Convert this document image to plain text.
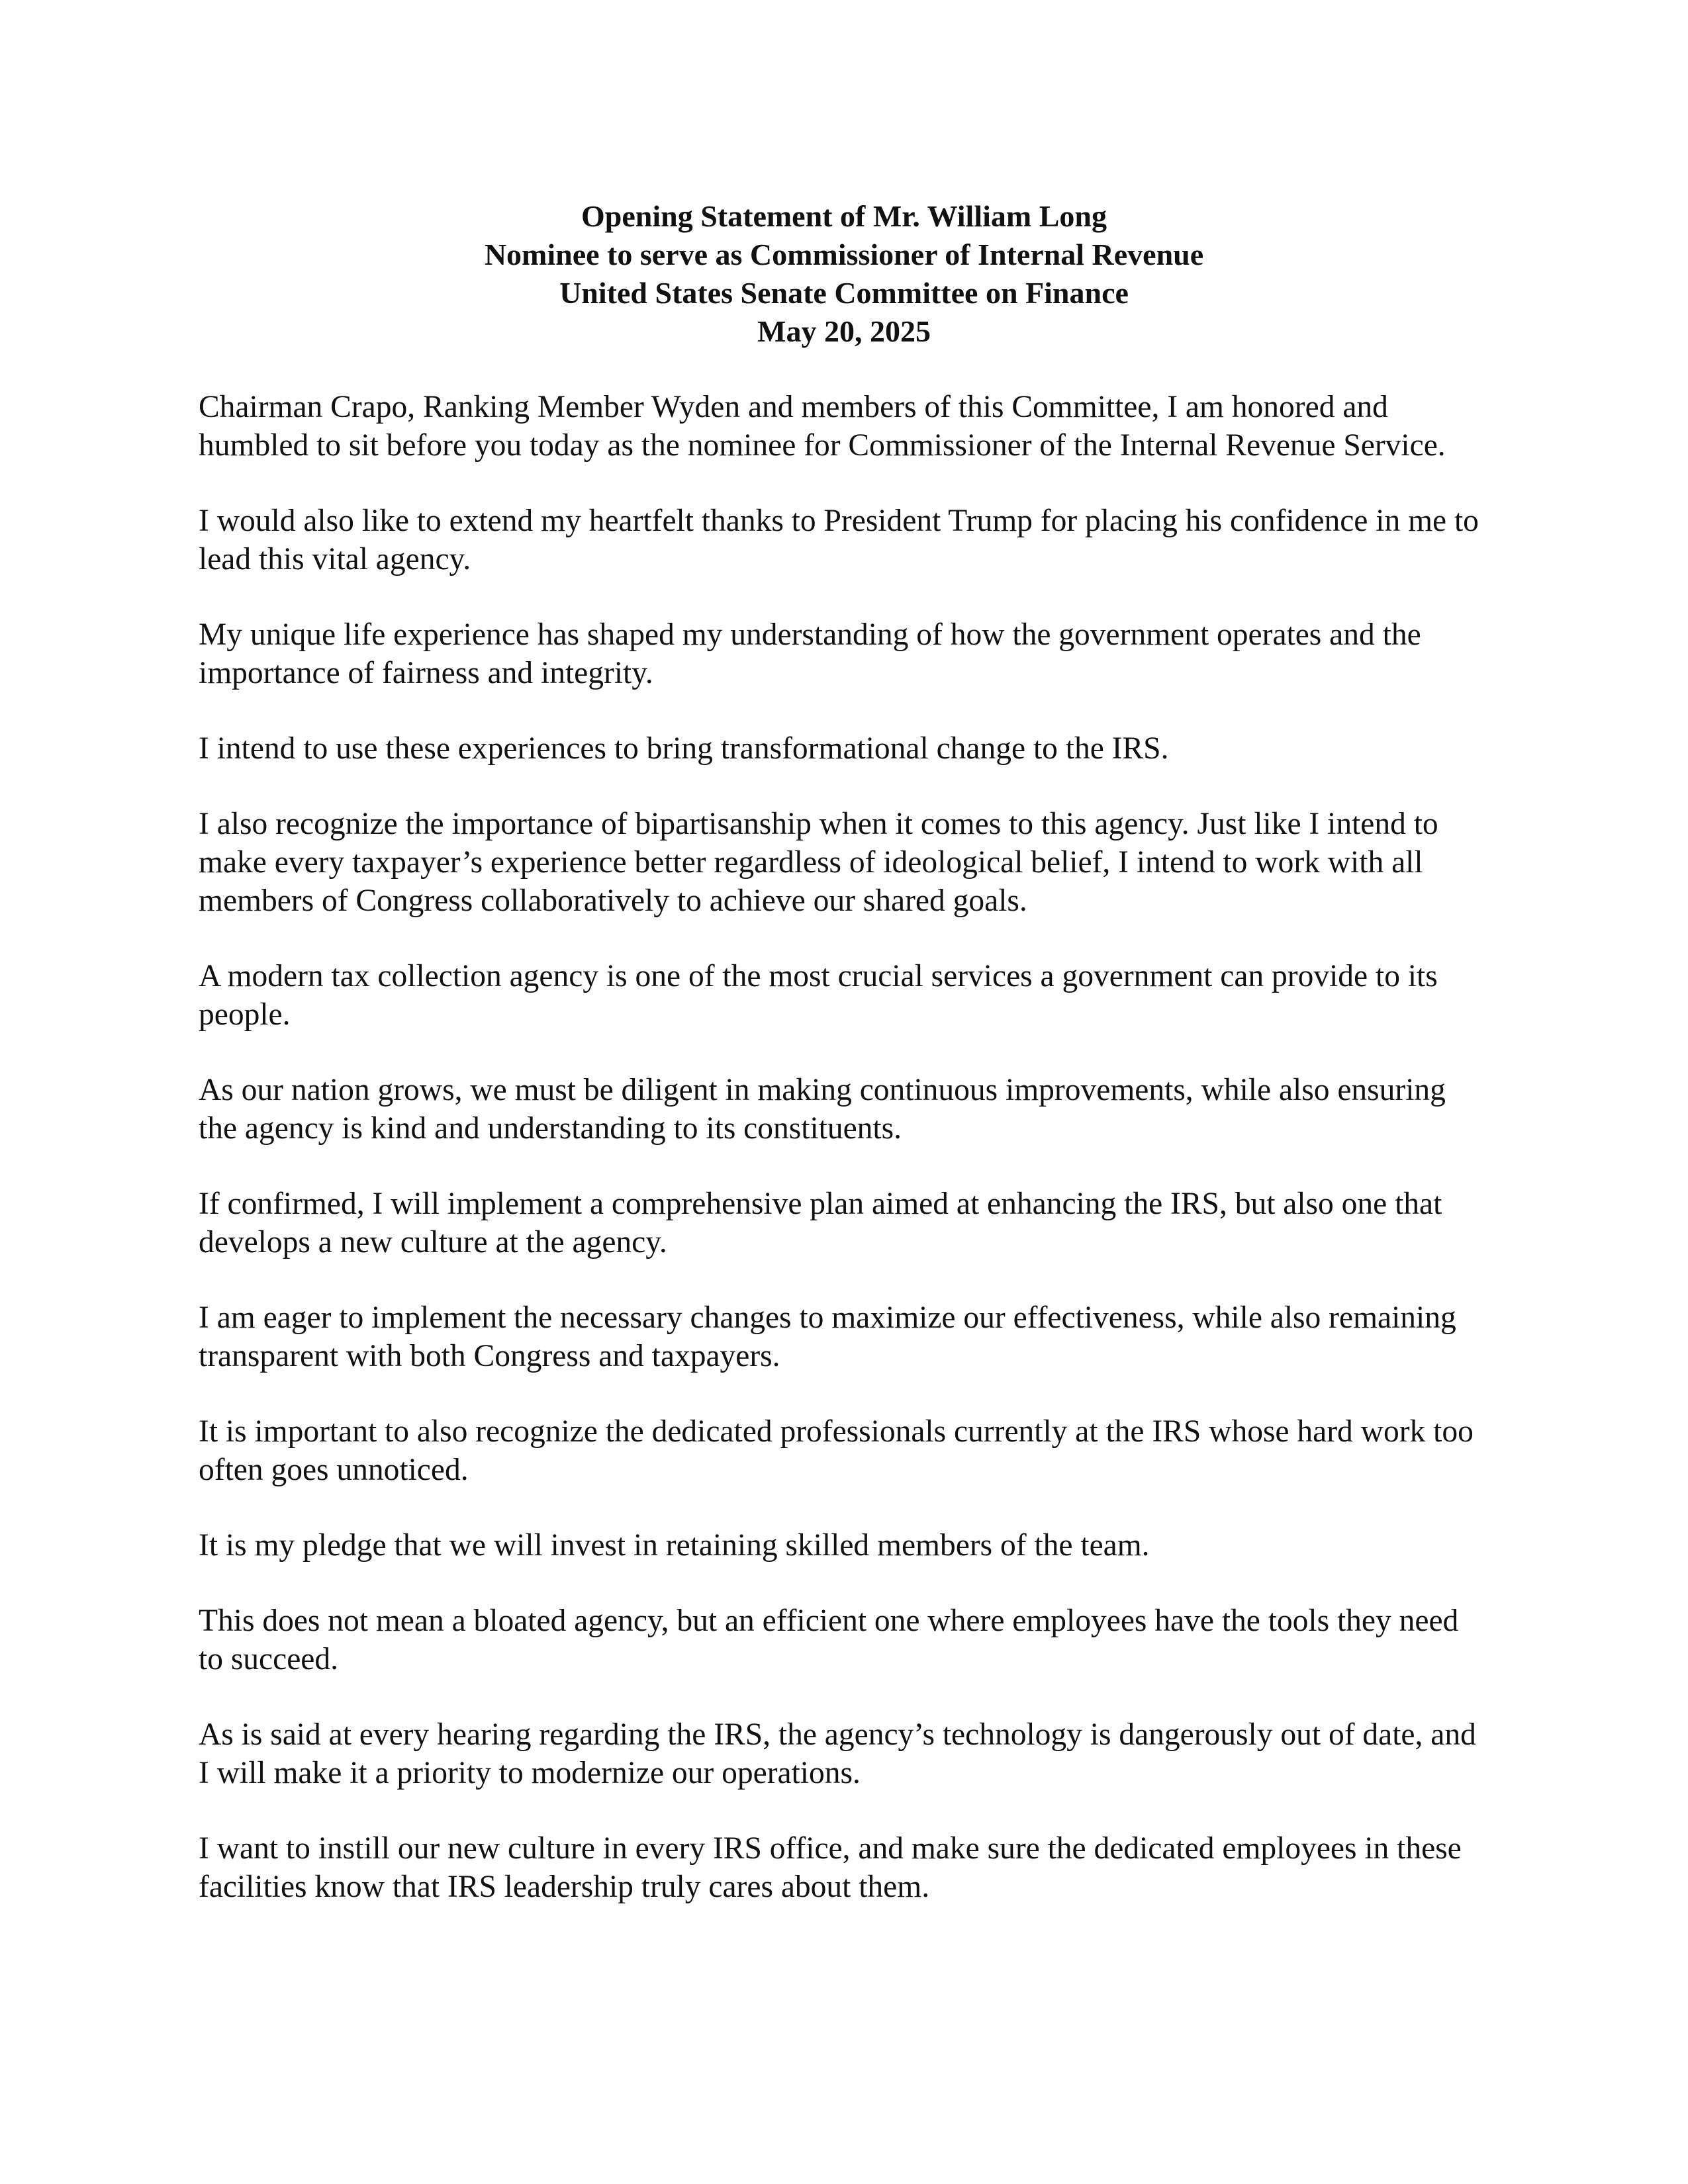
Opening Statement of Mr. William Long
Nominee to serve as Commissioner of Internal Revenue
United States Senate Committee on Finance
May 20, 2025

Chairman Crapo, Ranking Member Wyden and members of this Committee, I am honored and humbled to sit before you today as the nominee for Commissioner of the Internal Revenue Service.

I would also like to extend my heartfelt thanks to President Trump for placing his confidence in me to lead this vital agency.

My unique life experience has shaped my understanding of how the government operates and the importance of fairness and integrity.

I intend to use these experiences to bring transformational change to the IRS.

I also recognize the importance of bipartisanship when it comes to this agency. Just like I intend to make every taxpayer’s experience better regardless of ideological belief, I intend to work with all members of Congress collaboratively to achieve our shared goals.

A modern tax collection agency is one of the most crucial services a government can provide to its people.

As our nation grows, we must be diligent in making continuous improvements, while also ensuring the agency is kind and understanding to its constituents.

If confirmed, I will implement a comprehensive plan aimed at enhancing the IRS, but also one that develops a new culture at the agency.

I am eager to implement the necessary changes to maximize our effectiveness, while also remaining transparent with both Congress and taxpayers.

It is important to also recognize the dedicated professionals currently at the IRS whose hard work too often goes unnoticed.

It is my pledge that we will invest in retaining skilled members of the team.

This does not mean a bloated agency, but an efficient one where employees have the tools they need to succeed.

As is said at every hearing regarding the IRS, the agency’s technology is dangerously out of date, and I will make it a priority to modernize our operations.

I want to instill our new culture in every IRS office, and make sure the dedicated employees in these facilities know that IRS leadership truly cares about them.
